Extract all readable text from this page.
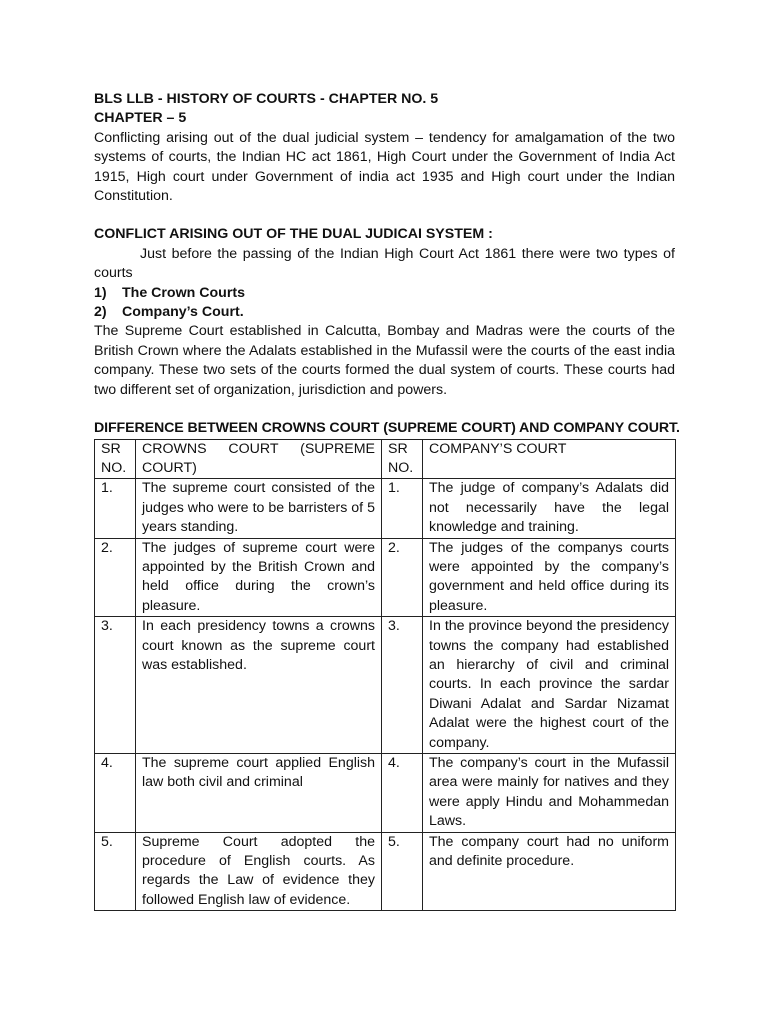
BLS LLB - HISTORY OF COURTS - CHAPTER NO. 5

CHAPTER – 5

Conflicting arising out of the dual judicial system – tendency for amalgamation of the two systems of courts, the Indian HC act 1861, High Court under the Government of India Act 1915, High court under Government of india act 1935 and High court under the Indian Constitution.

CONFLICT ARISING OUT OF THE DUAL JUDICAI SYSTEM :

Just before the passing of the Indian High Court Act 1861 there were two types of courts

1)	The Crown Courts
2)	Company’s Court.

The Supreme Court established in Calcutta, Bombay and Madras were the courts of the British Crown where the Adalats established in the Mufassil were the courts of the east india company. These two sets of the courts formed the dual system of courts. These courts had two different set of organization, jurisdiction and powers.

DIFFERENCE BETWEEN CROWNS COURT (SUPREME COURT) AND COMPANY COURT.

SR NO.	CROWNS COURT (SUPREME COURT)	SR NO.	COMPANY’S COURT
1.	The supreme court consisted of the judges who were to be barristers of 5 years standing.	1.	The judge of company’s Adalats did not necessarily have the legal knowledge and training.
2.	The judges of supreme court were appointed by the British Crown and held office during the crown’s pleasure.	2.	The judges of the companys courts were appointed by the company’s government and held office during its pleasure.
3.	In each presidency towns a crowns court known as the supreme court was established.	3.	In the province beyond the presidency towns the company had established an hierarchy of civil and criminal courts. In each province the sardar Diwani Adalat and Sardar Nizamat Adalat were the highest court of the company.
4.	The supreme court applied English law both civil and criminal	4.	The company’s court in the Mufassil area were mainly for natives and they were apply Hindu and Mohammedan Laws.
5.	Supreme Court adopted the procedure of English courts. As regards the Law of evidence they followed English law of evidence.	5.	The company court had no uniform and definite procedure.
